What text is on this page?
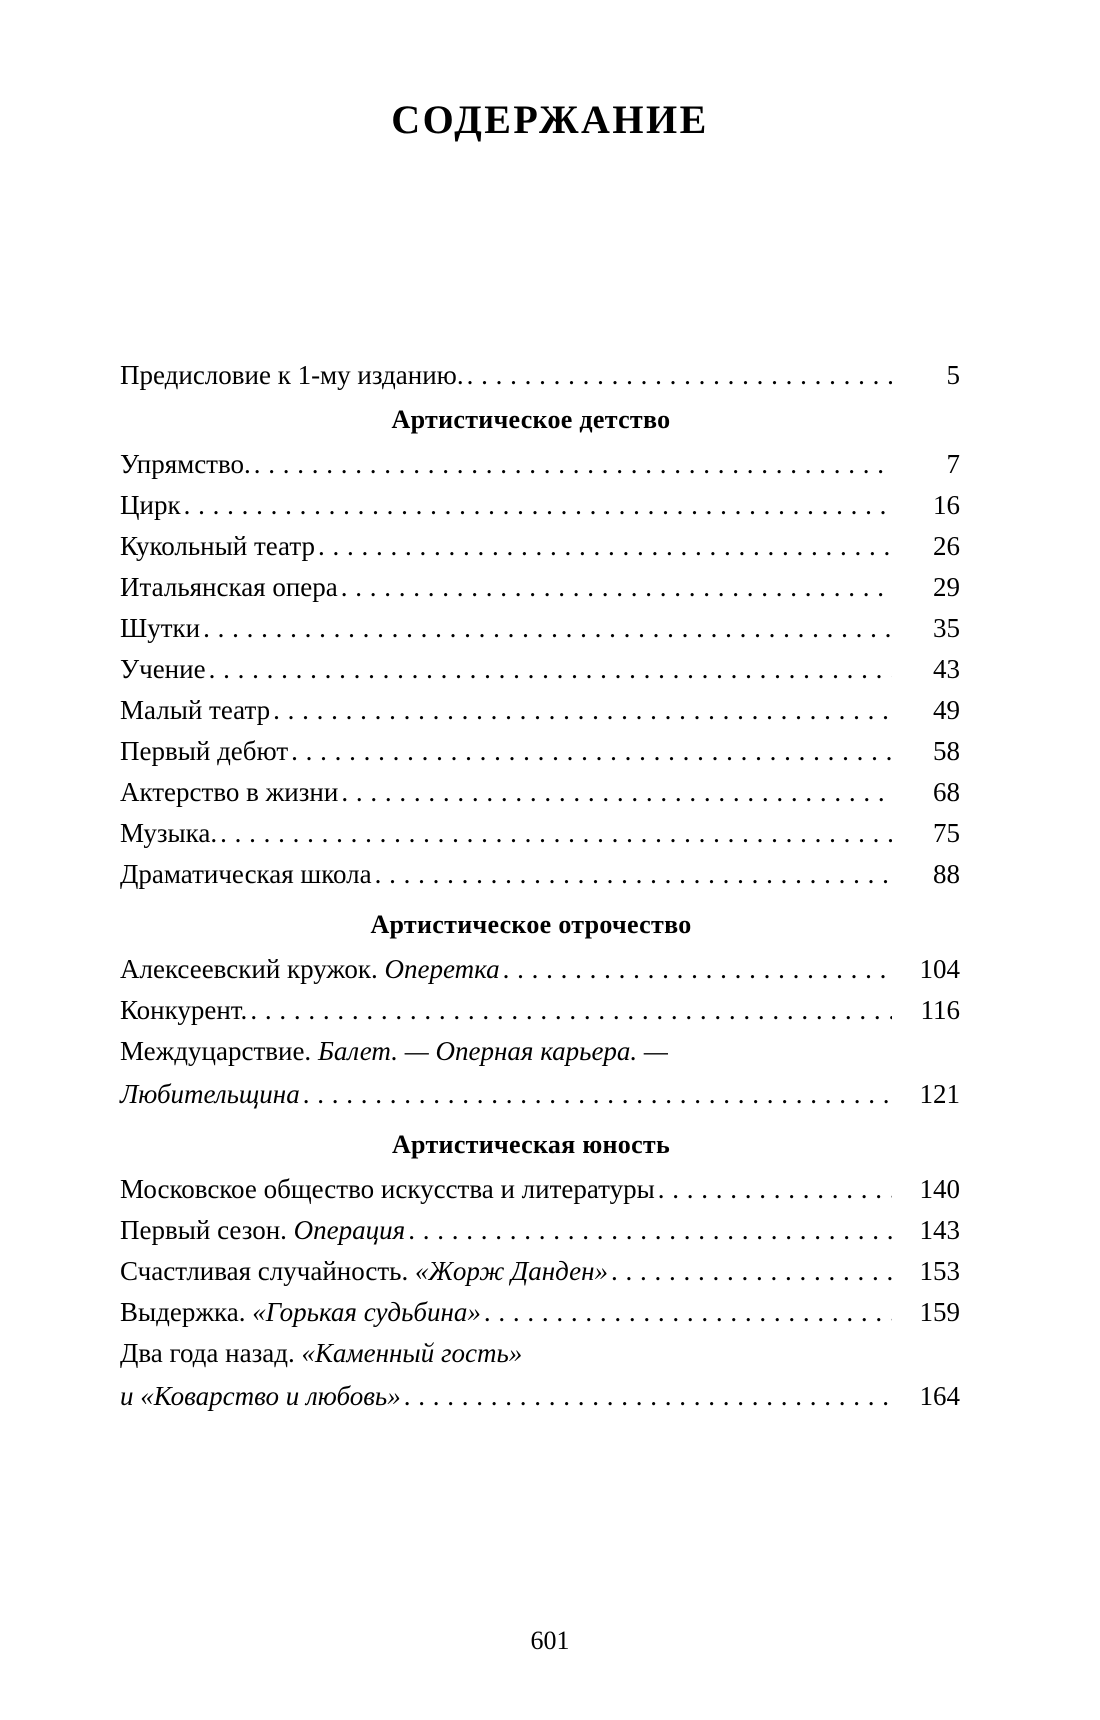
СОДЕРЖАНИЕ
Предисловие к 1-му изданию. . . .	5
Артистическое детство
Упрямство. . . .	7
Цирк . . .	16
Кукольный театр . . .	26
Итальянская опера . . .	29
Шутки . . .	35
Учение . . .	43
Малый театр . . .	49
Первый дебют . . .	58
Актерство в жизни . . .	68
Музыка. . . .	75
Драматическая школа . . .	88
Артистическое отрочество
Алексеевский кружок. Оперетка . . .	104
Конкурент. . . .	116
Междуцарствие. Балет. — Оперная карьера. —
Любительщина . . .	121
Артистическая юность
Московское общество искусства и литературы . . .	140
Первый сезон. Операция . . .	143
Счастливая случайность. «Жорж Данден» . . .	153
Выдержка. «Горькая судьбина» . . .	159
Два года назад. «Каменный гость»
и «Коварство и любовь» . . .	164
601
